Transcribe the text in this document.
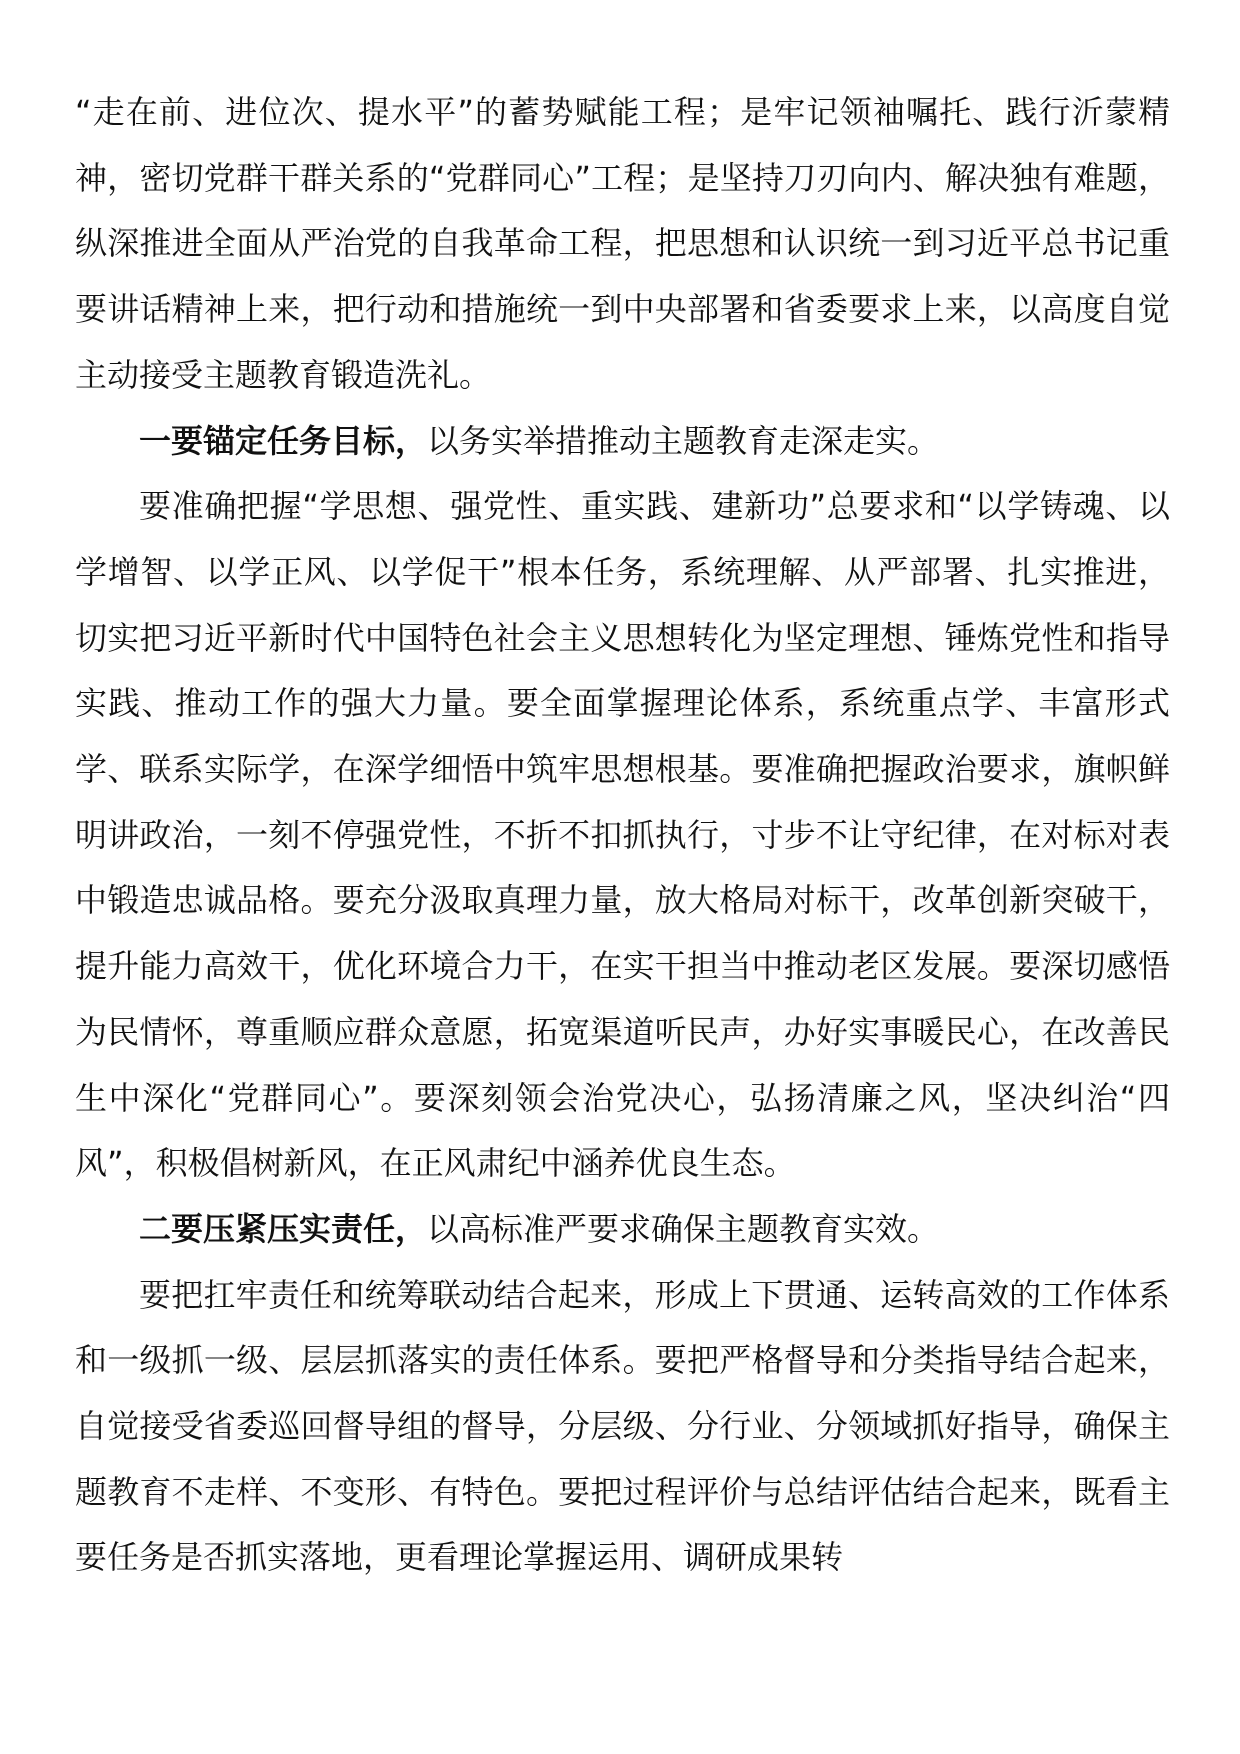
“走在前、进位次、提水平”的蓄势赋能工程；是牢记领袖嘱托、践行沂蒙精神，密切党群干群关系的“党群同心”工程；是坚持刀刃向内、解决独有难题，纵深推进全面从严治党的自我革命工程，把思想和认识统一到习近平总书记重要讲话精神上来，把行动和措施统一到中央部署和省委要求上来，以高度自觉主动接受主题教育锻造洗礼。

一要锚定任务目标，以务实举措推动主题教育走深走实。

要准确把握“学思想、强党性、重实践、建新功”总要求和“以学铸魂、以学增智、以学正风、以学促干”根本任务，系统理解、从严部署、扎实推进，切实把习近平新时代中国特色社会主义思想转化为坚定理想、锤炼党性和指导实践、推动工作的强大力量。要全面掌握理论体系，系统重点学、丰富形式学、联系实际学，在深学细悟中筑牢思想根基。要准确把握政治要求，旗帜鲜明讲政治，一刻不停强党性，不折不扣抓执行，寸步不让守纪律，在对标对表中锻造忠诚品格。要充分汲取真理力量，放大格局对标干，改革创新突破干，提升能力高效干，优化环境合力干，在实干担当中推动老区发展。要深切感悟为民情怀，尊重顺应群众意愿，拓宽渠道听民声，办好实事暖民心，在改善民生中深化“党群同心”。要深刻领会治党决心，弘扬清廉之风，坚决纠治“四风”，积极倡树新风，在正风肃纪中涵养优良生态。

二要压紧压实责任，以高标准严要求确保主题教育实效。

要把扛牢责任和统筹联动结合起来，形成上下贯通、运转高效的工作体系和一级抓一级、层层抓落实的责任体系。要把严格督导和分类指导结合起来，自觉接受省委巡回督导组的督导，分层级、分行业、分领域抓好指导，确保主题教育不走样、不变形、有特色。要把过程评价与总结评估结合起来，既看主要任务是否抓实落地，更看理论掌握运用、调研成果转
